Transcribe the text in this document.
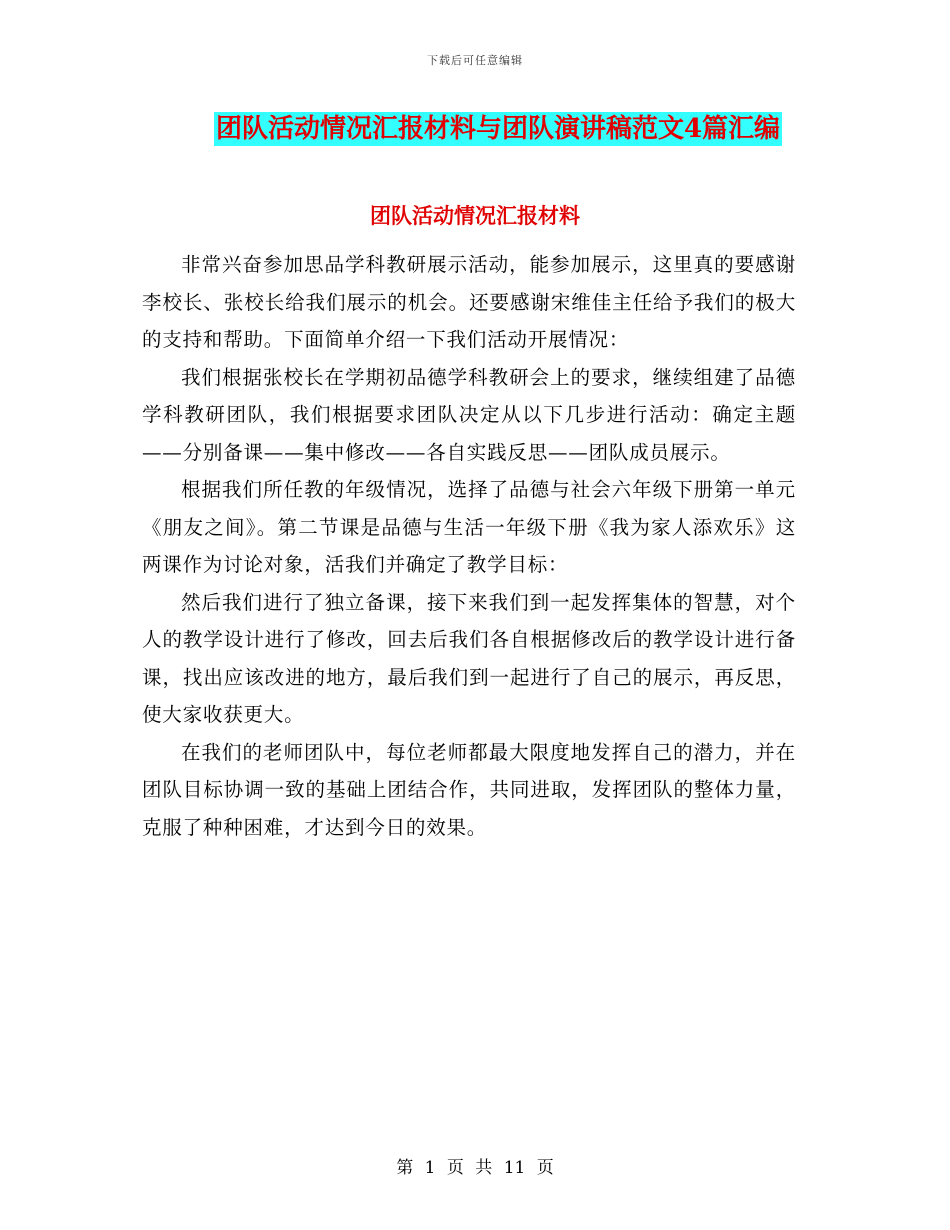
下载后可任意编辑
团队活动情况汇报材料与团队演讲稿范文4篇汇编
团队活动情况汇报材料

非常兴奋参加思品学科教研展示活动，能参加展示，这里真的要感谢李校长、张校长给我们展示的机会。还要感谢宋维佳主任给予我们的极大的支持和帮助。下面简单介绍一下我们活动开展情况：

我们根据张校长在学期初品德学科教研会上的要求，继续组建了品德学科教研团队，我们根据要求团队决定从以下几步进行活动：确定主题——分别备课——集中修改——各自实践反思——团队成员展示。

根据我们所任教的年级情况，选择了品德与社会六年级下册第一单元《朋友之间》。第二节课是品德与生活一年级下册《我为家人添欢乐》这两课作为讨论对象，活我们并确定了教学目标：

然后我们进行了独立备课，接下来我们到一起发挥集体的智慧，对个人的教学设计进行了修改，回去后我们各自根据修改后的教学设计进行备课，找出应该改进的地方，最后我们到一起进行了自己的展示，再反思，使大家收获更大。

在我们的老师团队中，每位老师都最大限度地发挥自己的潜力，并在团队目标协调一致的基础上团结合作，共同进取，发挥团队的整体力量，克服了种种困难，才达到今日的效果。

第 1 页 共 11 页
